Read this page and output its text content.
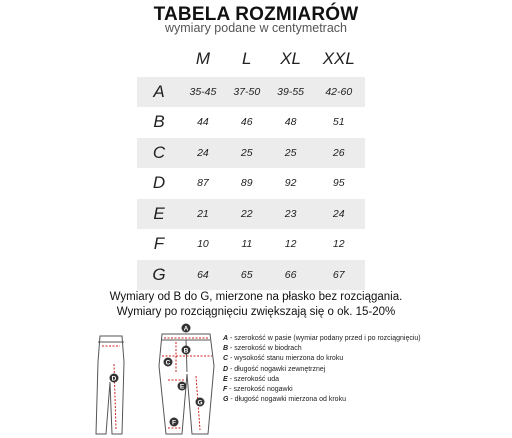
TABELA ROZMIARÓW
wymiary podane w centymetrach
	M	L	XL	XXL
A	35-45	37-50	39-55	42-60
B	44	46	48	51
C	24	25	25	26
D	87	89	92	95
E	21	22	23	24
F	10	11	12	12
G	64	65	66	67
Wymiary od B do G, mierzone na płasko bez rozciągania.
Wymiary po rozciągnięciu zwiększają się o ok. 15-20%
A
B
C
D
E
F
G
A - szerokość w pasie (wymiar podany przed i po rozciągnięciu)
B - szerokość w biodrach
C - wysokość stanu mierzona do kroku
D - długość nogawki zewnętrznej
E - szerokość uda
F - szerokość nogawki
G - długość nogawki mierzona od kroku
